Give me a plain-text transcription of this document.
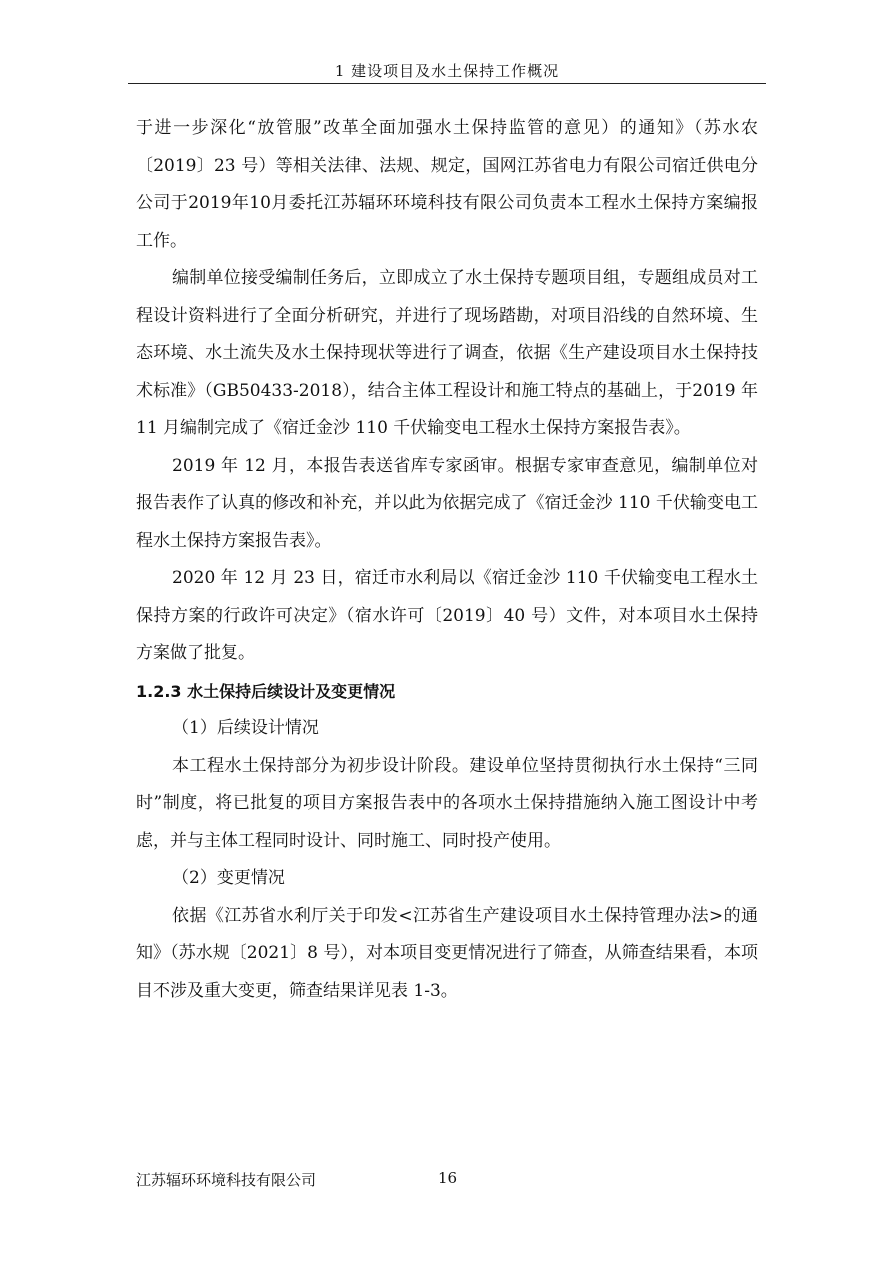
1 建设项目及水土保持工作概况

于进一步深化“放管服”改革全面加强水土保持监管的意见）的通知》（苏水农〔2019〕23 号）等相关法律、法规、规定，国网江苏省电力有限公司宿迁供电分公司于2019年10月委托江苏辐环环境科技有限公司负责本工程水土保持方案编报工作。

编制单位接受编制任务后，立即成立了水土保持专题项目组，专题组成员对工程设计资料进行了全面分析研究，并进行了现场踏勘，对项目沿线的自然环境、生态环境、水土流失及水土保持现状等进行了调查，依据《生产建设项目水土保持技术标准》（GB50433-2018），结合主体工程设计和施工特点的基础上，于2019 年 11 月编制完成了《宿迁金沙 110 千伏输变电工程水土保持方案报告表》。

2019 年 12 月，本报告表送省库专家函审。根据专家审查意见，编制单位对报告表作了认真的修改和补充，并以此为依据完成了《宿迁金沙 110 千伏输变电工程水土保持方案报告表》。

2020 年 12 月 23 日，宿迁市水利局以《宿迁金沙 110 千伏输变电工程水土保持方案的行政许可决定》（宿水许可〔2019〕40 号）文件，对本项目水土保持方案做了批复。

1.2.3 水土保持后续设计及变更情况

（1）后续设计情况

本工程水土保持部分为初步设计阶段。建设单位坚持贯彻执行水土保持“三同时”制度，将已批复的项目方案报告表中的各项水土保持措施纳入施工图设计中考虑，并与主体工程同时设计、同时施工、同时投产使用。

（2）变更情况

依据《江苏省水利厅关于印发<江苏省生产建设项目水土保持管理办法>的通知》（苏水规〔2021〕8 号），对本项目变更情况进行了筛查，从筛查结果看，本项目不涉及重大变更，筛查结果详见表 1-3。

江苏辐环环境科技有限公司	16
